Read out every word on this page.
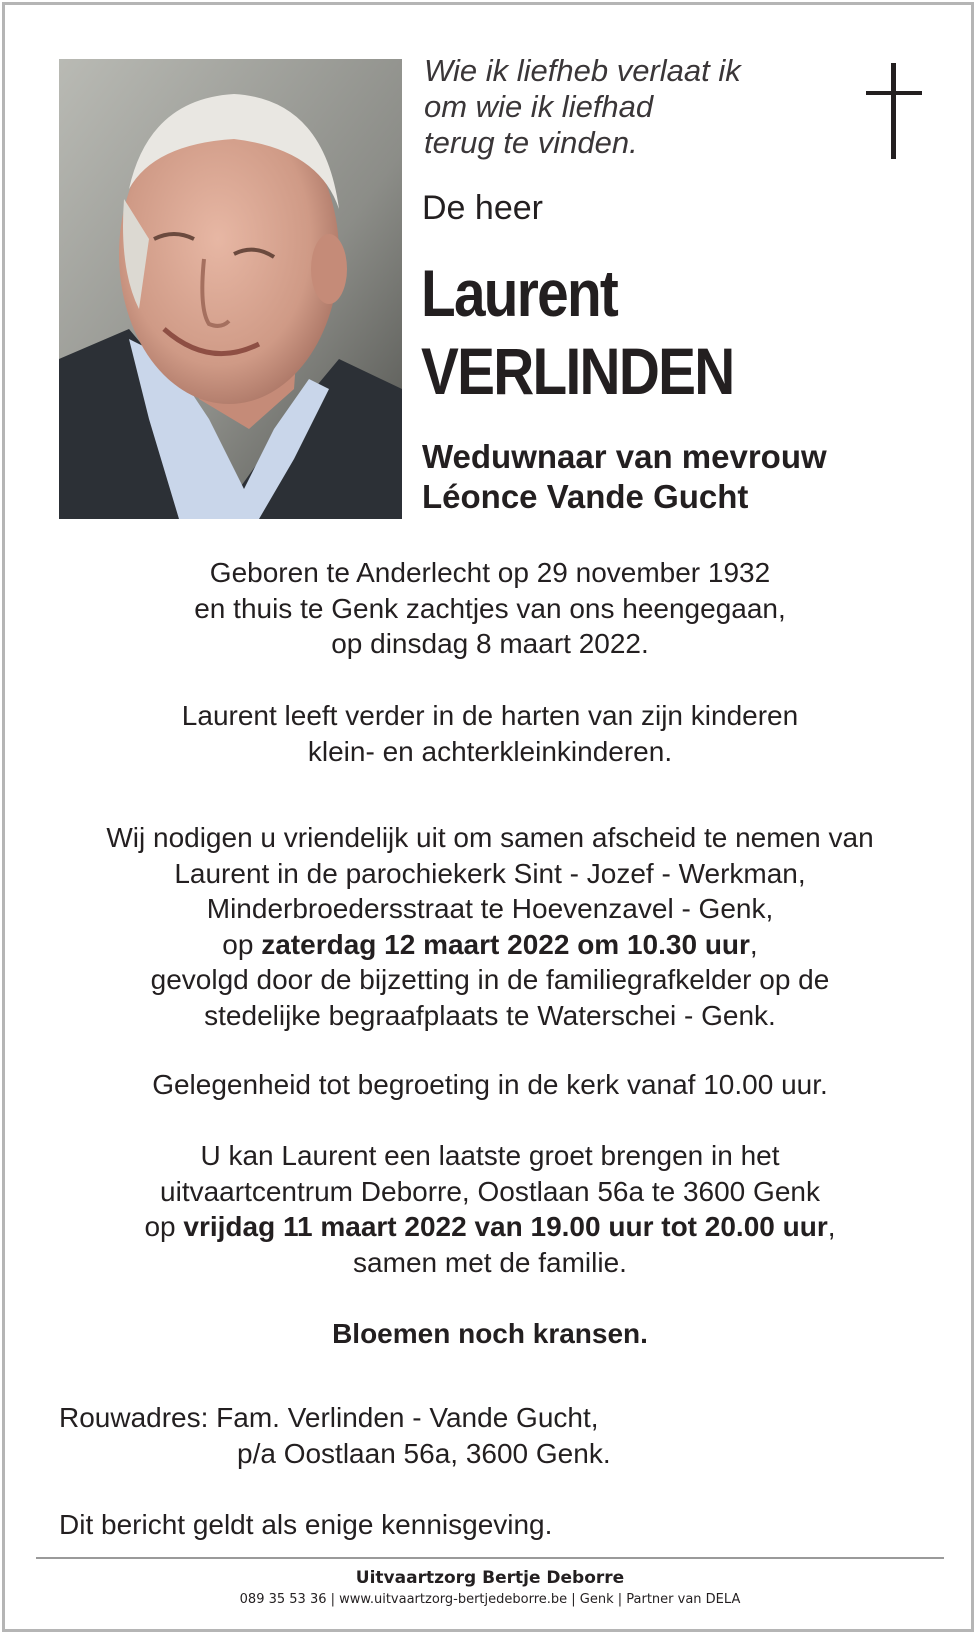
Wie ik liefheb verlaat ik
om wie ik liefhad
terug te vinden.
De heer
Laurent
VERLINDEN
Weduwnaar van mevrouw
Léonce Vande Gucht
Geboren te Anderlecht op 29 november 1932
en thuis te Genk zachtjes van ons heengegaan,
op dinsdag 8 maart 2022.
Laurent leeft verder in de harten van zijn kinderen
klein- en achterkleinkinderen.
Wij nodigen u vriendelijk uit om samen afscheid te nemen van
Laurent in de parochiekerk Sint - Jozef - Werkman,
Minderbroedersstraat te Hoevenzavel - Genk,
op zaterdag 12 maart 2022 om 10.30 uur,
gevolgd door de bijzetting in de familiegrafkelder op de
stedelijke begraafplaats te Waterschei - Genk.
Gelegenheid tot begroeting in de kerk vanaf 10.00 uur.
U kan Laurent een laatste groet brengen in het
uitvaartcentrum Deborre, Oostlaan 56a te 3600 Genk
op vrijdag 11 maart 2022 van 19.00 uur tot 20.00 uur,
samen met de familie.
Bloemen noch kransen.
Rouwadres: Fam. Verlinden - Vande Gucht,
p/a Oostlaan 56a, 3600 Genk.
Dit bericht geldt als enige kennisgeving.
Uitvaartzorg Bertje Deborre
089 35 53 36 | www.uitvaartzorg-bertjedeborre.be | Genk | Partner van DELA
